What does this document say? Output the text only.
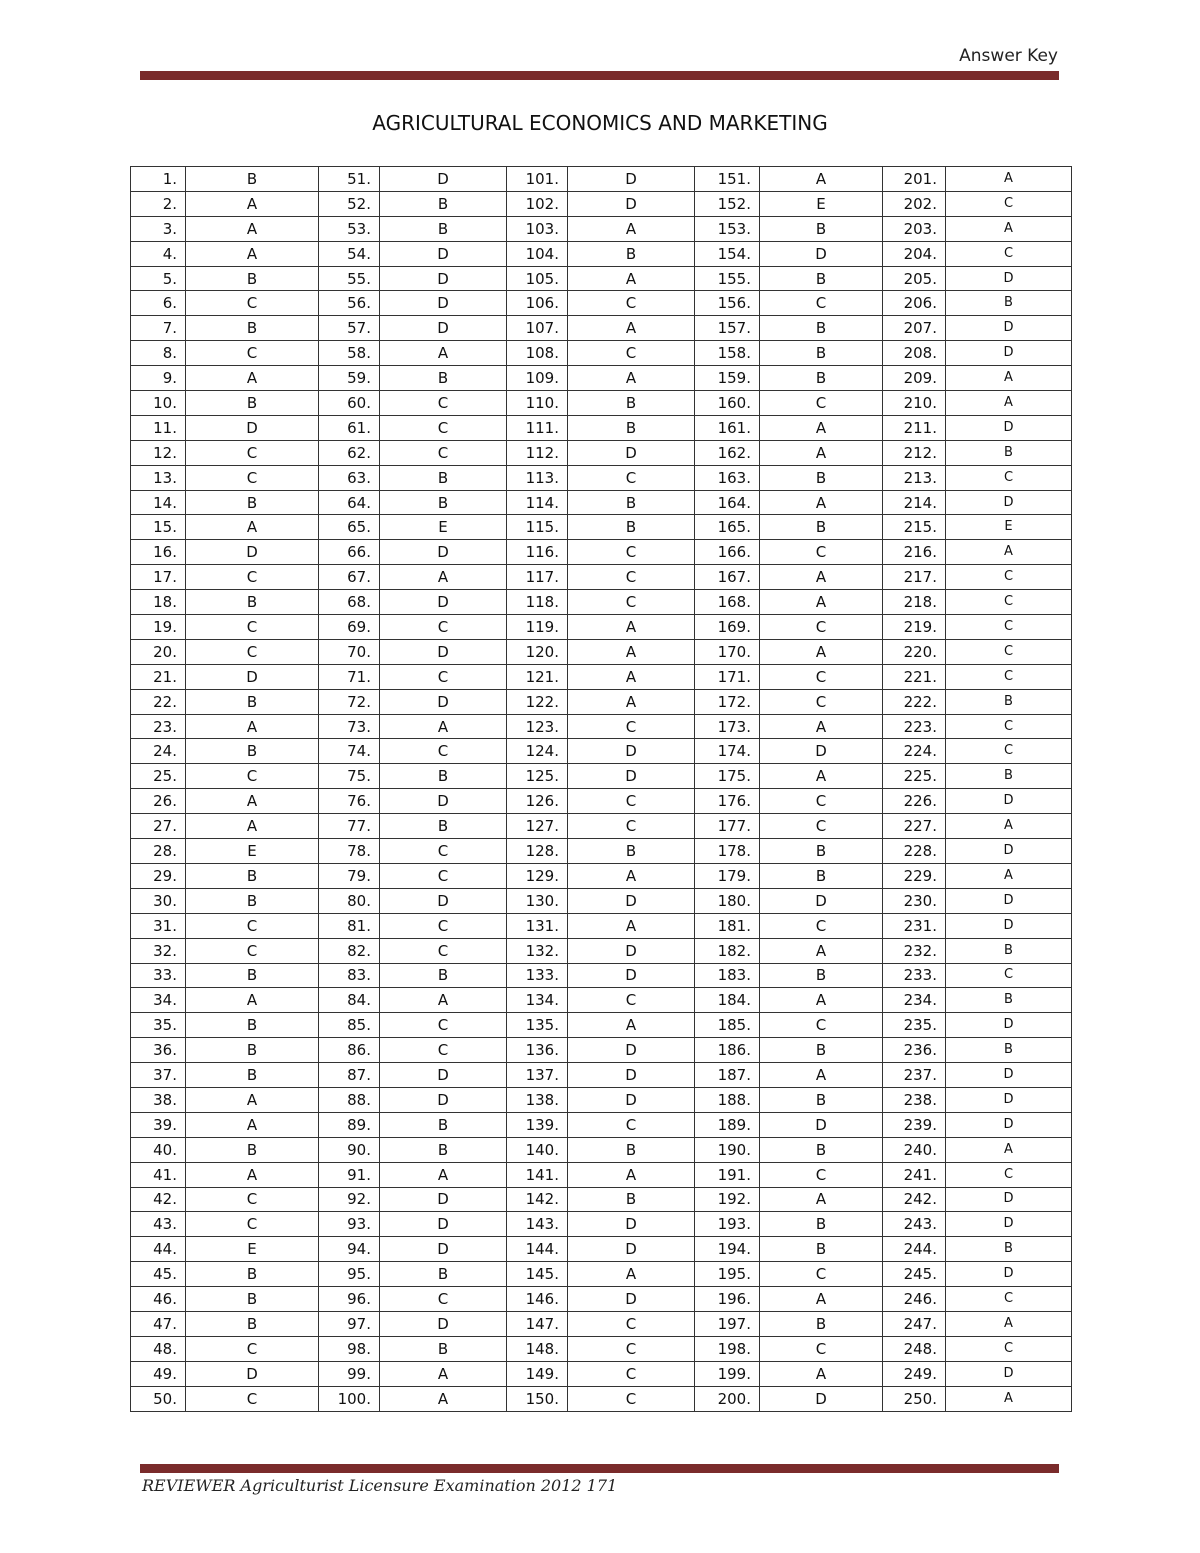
Answer Key
AGRICULTURAL ECONOMICS AND MARKETING
1.	B	51.	D	101.	D	151.	A	201.	A
2.	A	52.	B	102.	D	152.	E	202.	C
3.	A	53.	B	103.	A	153.	B	203.	A
4.	A	54.	D	104.	B	154.	D	204.	C
5.	B	55.	D	105.	A	155.	B	205.	D
6.	C	56.	D	106.	C	156.	C	206.	B
7.	B	57.	D	107.	A	157.	B	207.	D
8.	C	58.	A	108.	C	158.	B	208.	D
9.	A	59.	B	109.	A	159.	B	209.	A
10.	B	60.	C	110.	B	160.	C	210.	A
11.	D	61.	C	111.	B	161.	A	211.	D
12.	C	62.	C	112.	D	162.	A	212.	B
13.	C	63.	B	113.	C	163.	B	213.	C
14.	B	64.	B	114.	B	164.	A	214.	D
15.	A	65.	E	115.	B	165.	B	215.	E
16.	D	66.	D	116.	C	166.	C	216.	A
17.	C	67.	A	117.	C	167.	A	217.	C
18.	B	68.	D	118.	C	168.	A	218.	C
19.	C	69.	C	119.	A	169.	C	219.	C
20.	C	70.	D	120.	A	170.	A	220.	C
21.	D	71.	C	121.	A	171.	C	221.	C
22.	B	72.	D	122.	A	172.	C	222.	B
23.	A	73.	A	123.	C	173.	A	223.	C
24.	B	74.	C	124.	D	174.	D	224.	C
25.	C	75.	B	125.	D	175.	A	225.	B
26.	A	76.	D	126.	C	176.	C	226.	D
27.	A	77.	B	127.	C	177.	C	227.	A
28.	E	78.	C	128.	B	178.	B	228.	D
29.	B	79.	C	129.	A	179.	B	229.	A
30.	B	80.	D	130.	D	180.	D	230.	D
31.	C	81.	C	131.	A	181.	C	231.	D
32.	C	82.	C	132.	D	182.	A	232.	B
33.	B	83.	B	133.	D	183.	B	233.	C
34.	A	84.	A	134.	C	184.	A	234.	B
35.	B	85.	C	135.	A	185.	C	235.	D
36.	B	86.	C	136.	D	186.	B	236.	B
37.	B	87.	D	137.	D	187.	A	237.	D
38.	A	88.	D	138.	D	188.	B	238.	D
39.	A	89.	B	139.	C	189.	D	239.	D
40.	B	90.	B	140.	B	190.	B	240.	A
41.	A	91.	A	141.	A	191.	C	241.	C
42.	C	92.	D	142.	B	192.	A	242.	D
43.	C	93.	D	143.	D	193.	B	243.	D
44.	E	94.	D	144.	D	194.	B	244.	B
45.	B	95.	B	145.	A	195.	C	245.	D
46.	B	96.	C	146.	D	196.	A	246.	C
47.	B	97.	D	147.	C	197.	B	247.	A
48.	C	98.	B	148.	C	198.	C	248.	C
49.	D	99.	A	149.	C	199.	A	249.	D
50.	C	100.	A	150.	C	200.	D	250.	A
REVIEWER Agriculturist Licensure Examination 2012 171
